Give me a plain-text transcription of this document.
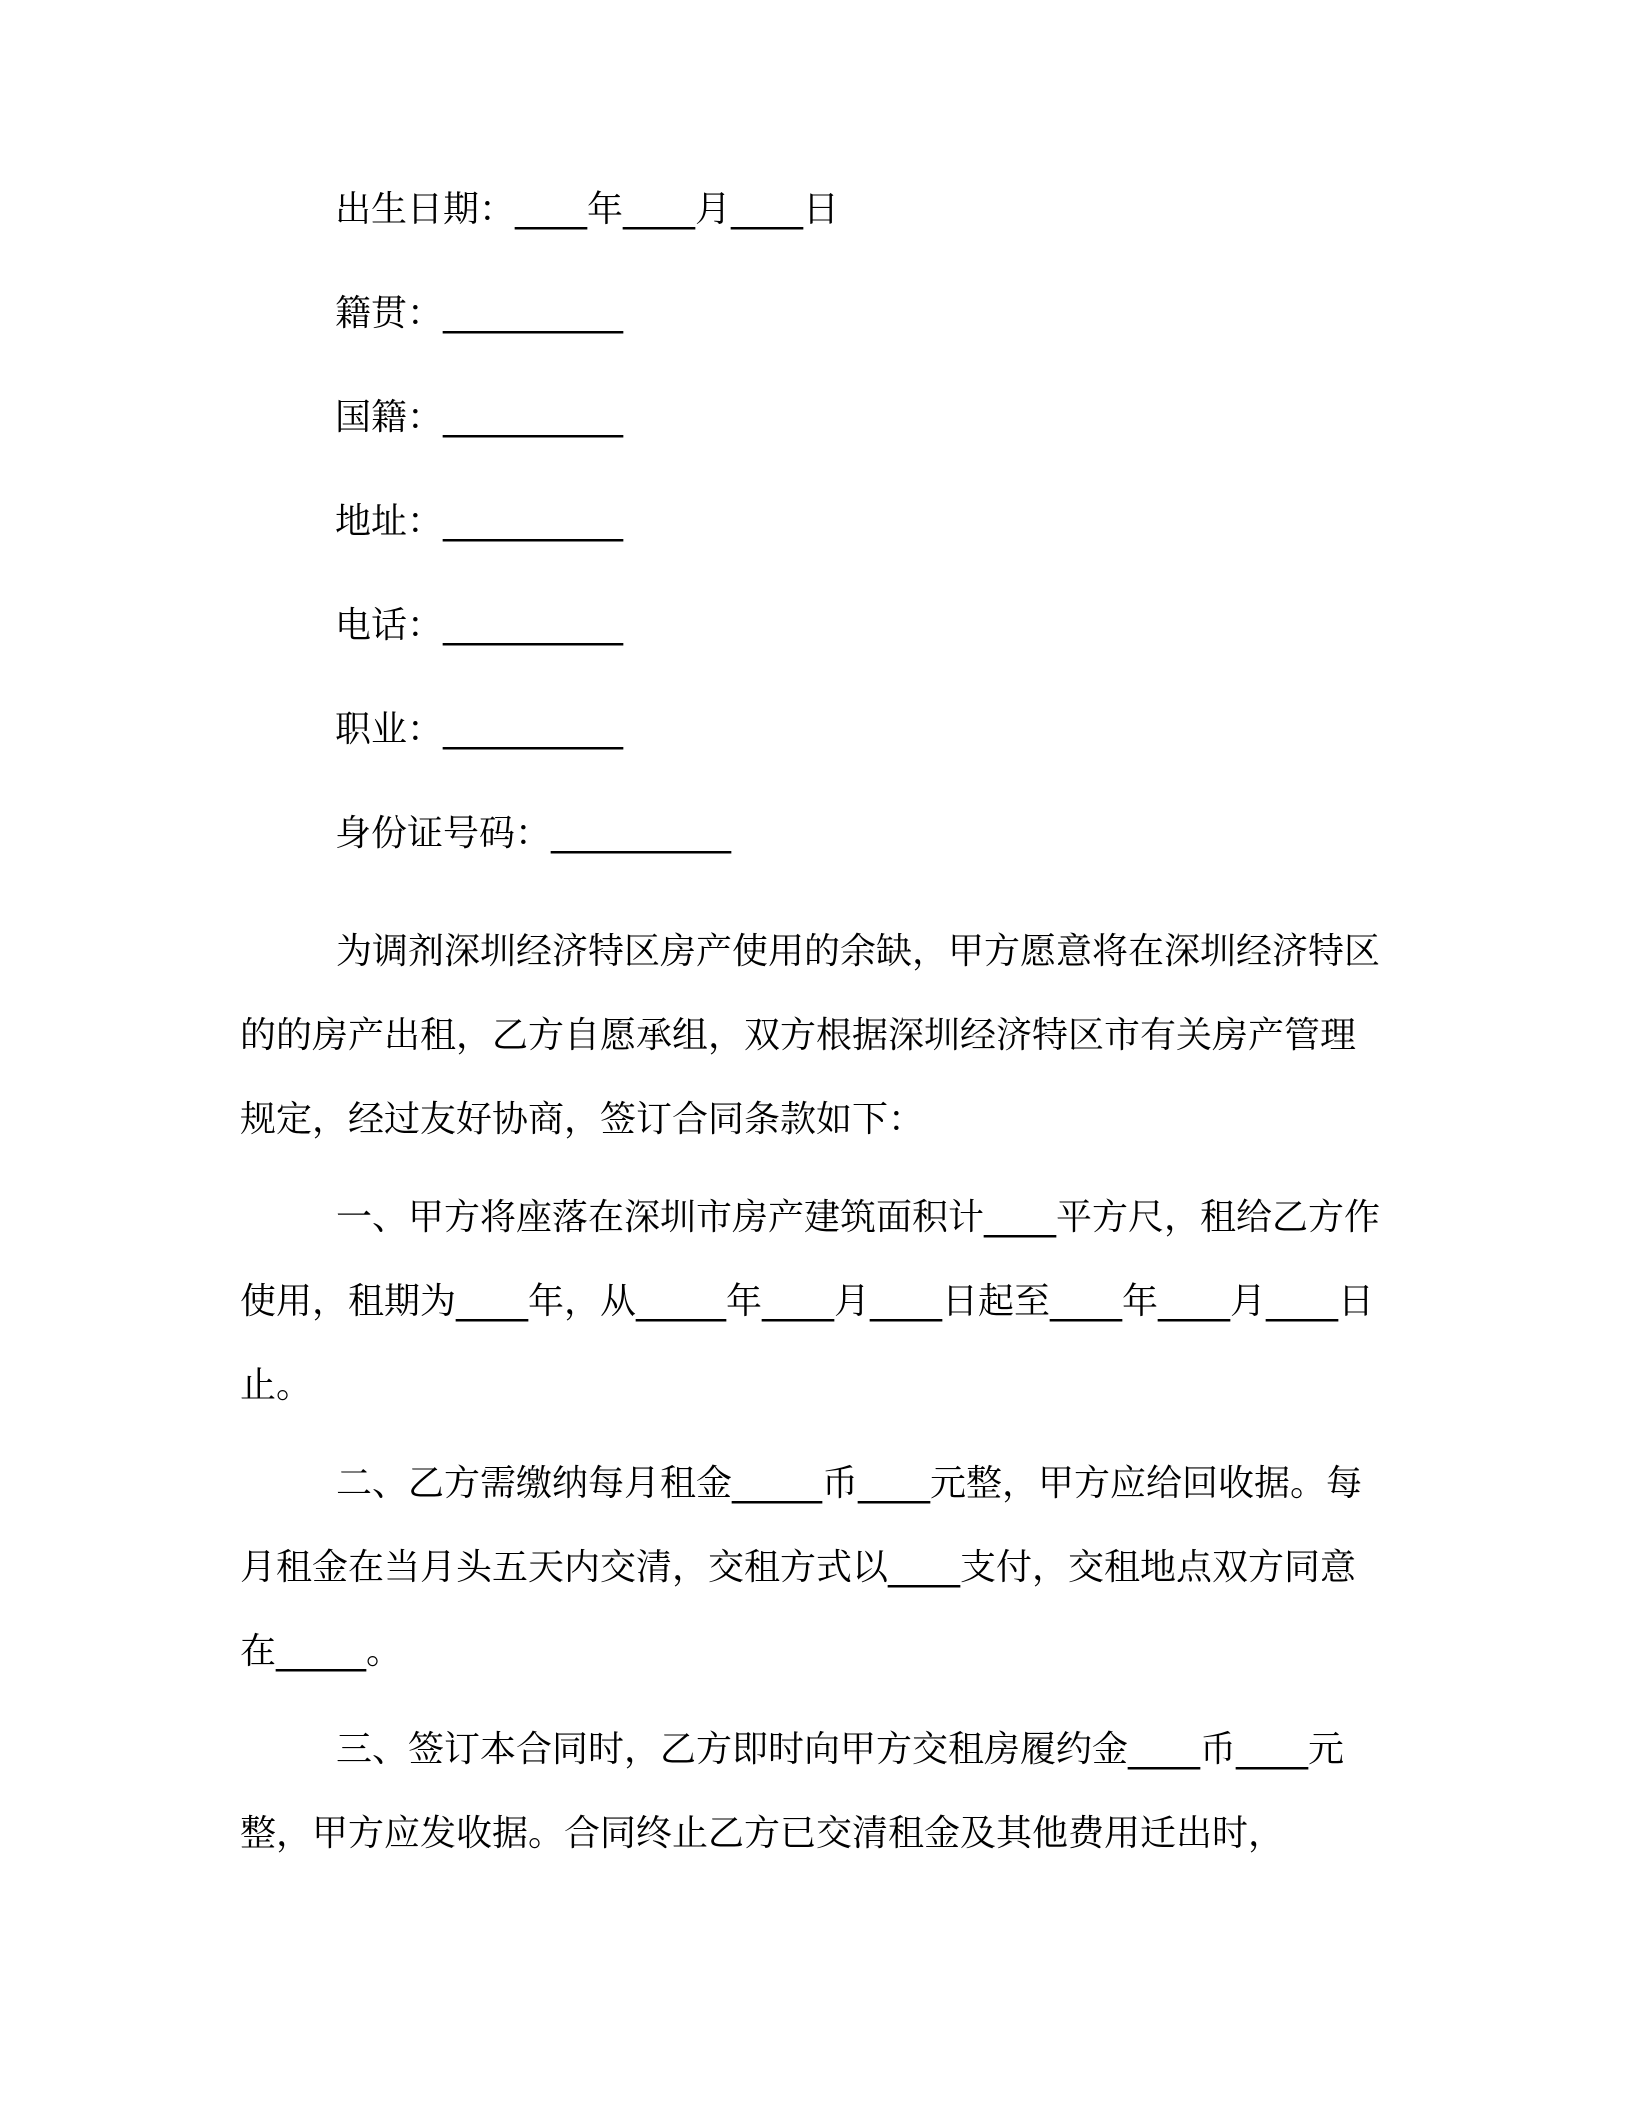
出生日期：____年____月____日
籍贯：__________
国籍：__________
地址：__________
电话：__________
职业：__________
身份证号码：__________

为调剂深圳经济特区房产使用的余缺，甲方愿意将在深圳经济特区的的房产出租，乙方自愿承组，双方根据深圳经济特区市有关房产管理规定，经过友好协商，签订合同条款如下：

一、甲方将座落在深圳市房产建筑面积计____平方尺，租给乙方作使用，租期为____年，从_____年____月____日起至____年____月____日止。

二、乙方需缴纳每月租金_____币____元整，甲方应给回收据。每月租金在当月头五天内交清，交租方式以____支付，交租地点双方同意在_____。

三、签订本合同时，乙方即时向甲方交租房履约金____币____元整，甲方应发收据。合同终止乙方已交清租金及其他费用迁出时，
